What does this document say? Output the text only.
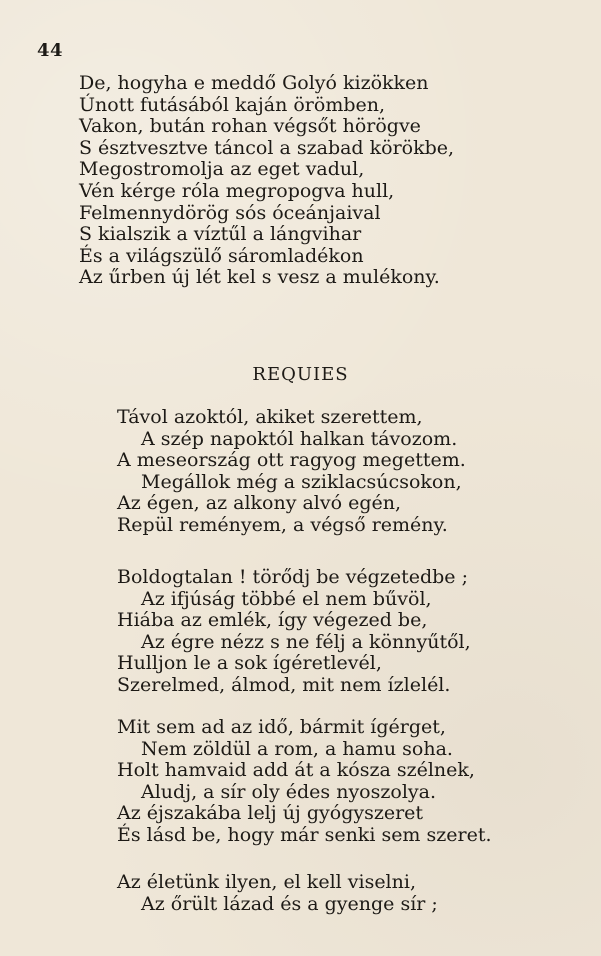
44
De, hogyha e meddő Golyó kizökken
Únott futásából kaján örömben,
Vakon, bután rohan végsőt hörögve
S észtvesztve táncol a szabad körökbe,
Megostromolja az eget vadul,
Vén kérge róla megropogva hull,
Felmennydörög sós óceánjaival
S kialszik a víztűl a lángvihar
És a világszülő sáromladékon
Az űrben új lét kel s vesz a mulékony.
REQUIES
Távol azoktól, akiket szerettem,
A szép napoktól halkan távozom.
A meseország ott ragyog megettem.
Megállok még a sziklacsúcsokon,
Az égen, az alkony alvó egén,
Repül reményem, a végső remény.
Boldogtalan ! törődj be végzetedbe ;
Az ifjúság többé el nem bűvöl,
Hiába az emlék, így végezed be,
Az égre nézz s ne félj a könnyűtől,
Hulljon le a sok ígéretlevél,
Szerelmed, álmod, mit nem ízlelél.
Mit sem ad az idő, bármit ígérget,
Nem zöldül a rom, a hamu soha.
Holt hamvaid add át a kósza szélnek,
Aludj, a sír oly édes nyoszolya.
Az éjszakába lelj új gyógyszeret
És lásd be, hogy már senki sem szeret.
Az életünk ilyen, el kell viselni,
Az őrült lázad és a gyenge sír ;
